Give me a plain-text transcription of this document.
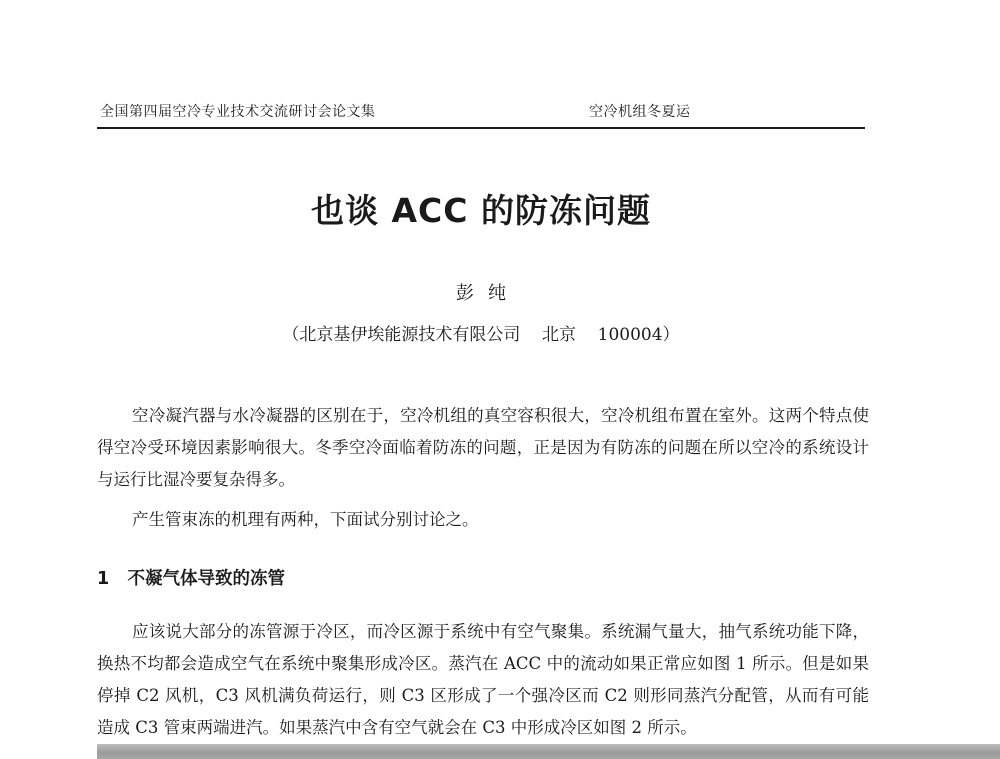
全国第四届空冷专业技术交流研讨会论文集	空冷机组冬夏运
也谈 ACC 的防冻问题
彭纯
（北京基伊埃能源技术有限公司    北京    100004）

空冷凝汽器与水冷凝器的区别在于，空冷机组的真空容积很大，空冷机组布置在室外。这两个特点使得空冷受环境因素影响很大。冬季空冷面临着防冻的问题，正是因为有防冻的问题在所以空冷的系统设计与运行比湿冷要复杂得多。

产生管束冻的机理有两种，下面试分别讨论之。

1 不凝气体导致的冻管

应该说大部分的冻管源于冷区，而冷区源于系统中有空气聚集。系统漏气量大，抽气系统功能下降，换热不均都会造成空气在系统中聚集形成冷区。蒸汽在 ACC 中的流动如果正常应如图 1 所示。但是如果停掉 C2 风机，C3 风机满负荷运行，则 C3 区形成了一个强冷区而 C2 则形同蒸汽分配管，从而有可能造成 C3 管束两端进汽。如果蒸汽中含有空气就会在 C3 中形成冷区如图 2 所示。
